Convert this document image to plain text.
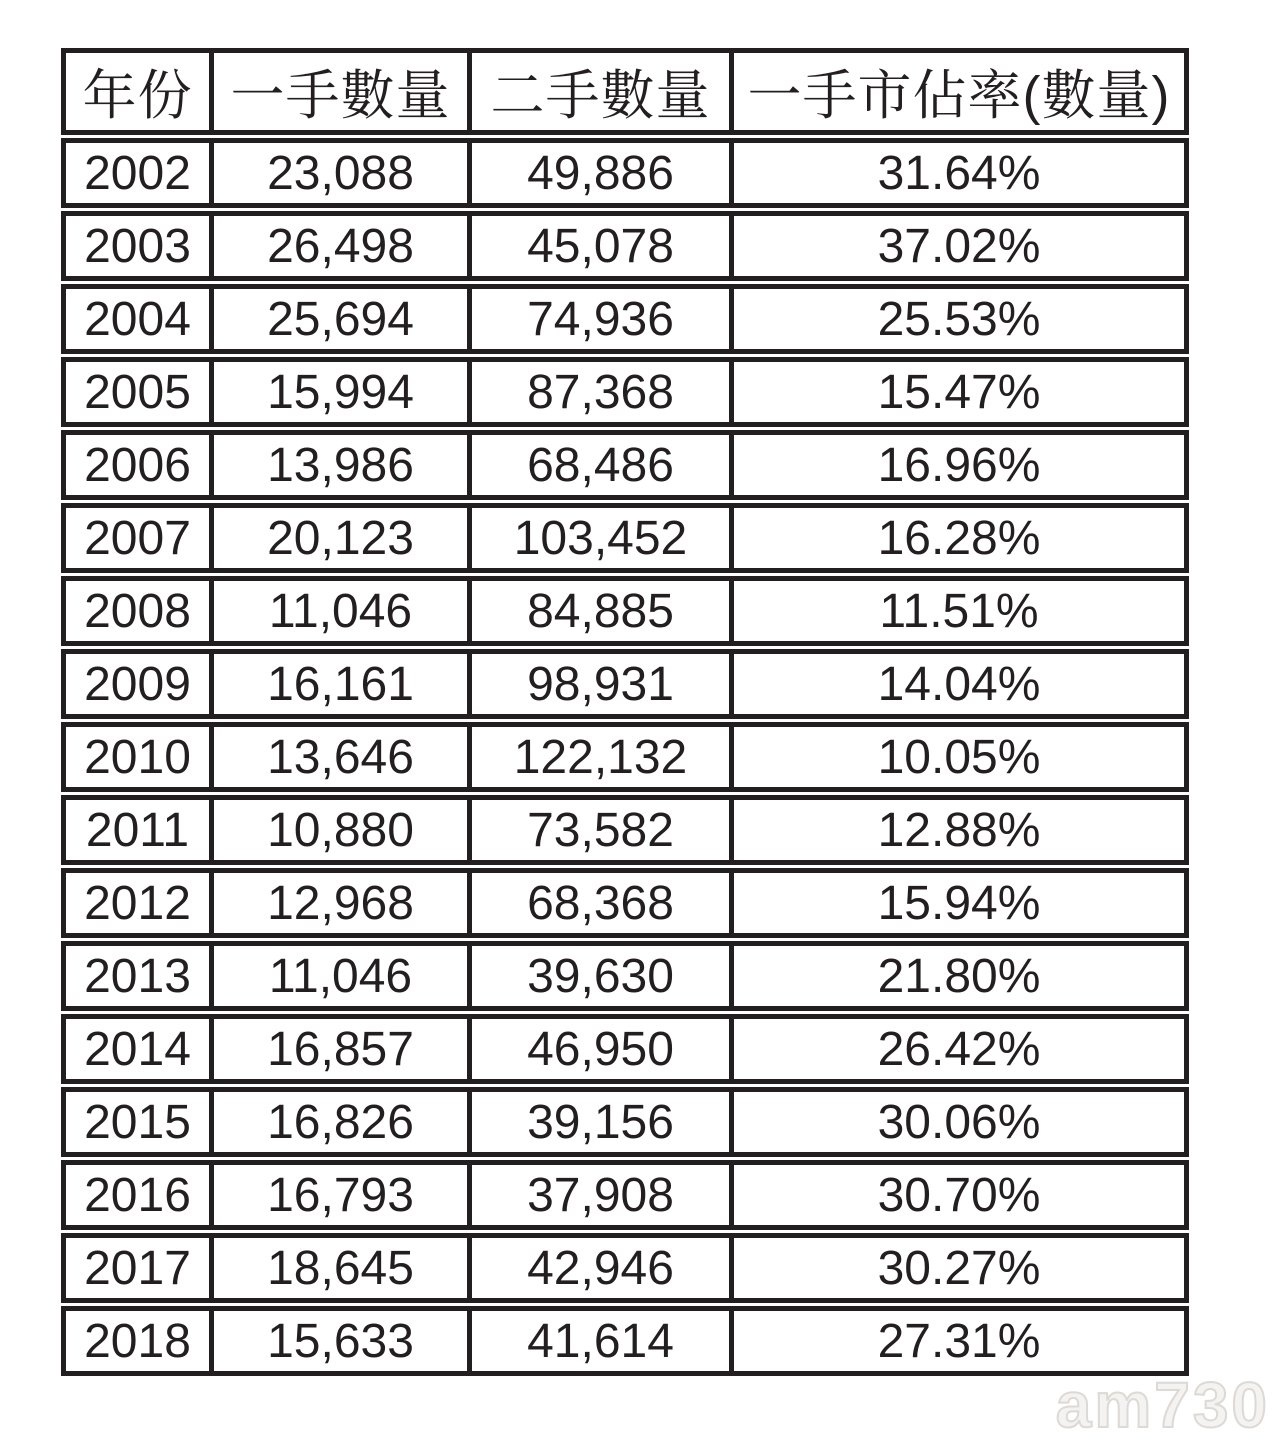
年份	一手數量	二手數量	一手市佔率(數量)
2002	23,088	49,886	31.64%
2003	26,498	45,078	37.02%
2004	25,694	74,936	25.53%
2005	15,994	87,368	15.47%
2006	13,986	68,486	16.96%
2007	20,123	103,452	16.28%
2008	11,046	84,885	11.51%
2009	16,161	98,931	14.04%
2010	13,646	122,132	10.05%
2011	10,880	73,582	12.88%
2012	12,968	68,368	15.94%
2013	11,046	39,630	21.80%
2014	16,857	46,950	26.42%
2015	16,826	39,156	30.06%
2016	16,793	37,908	30.70%
2017	18,645	42,946	30.27%
2018	15,633	41,614	27.31%
am730
